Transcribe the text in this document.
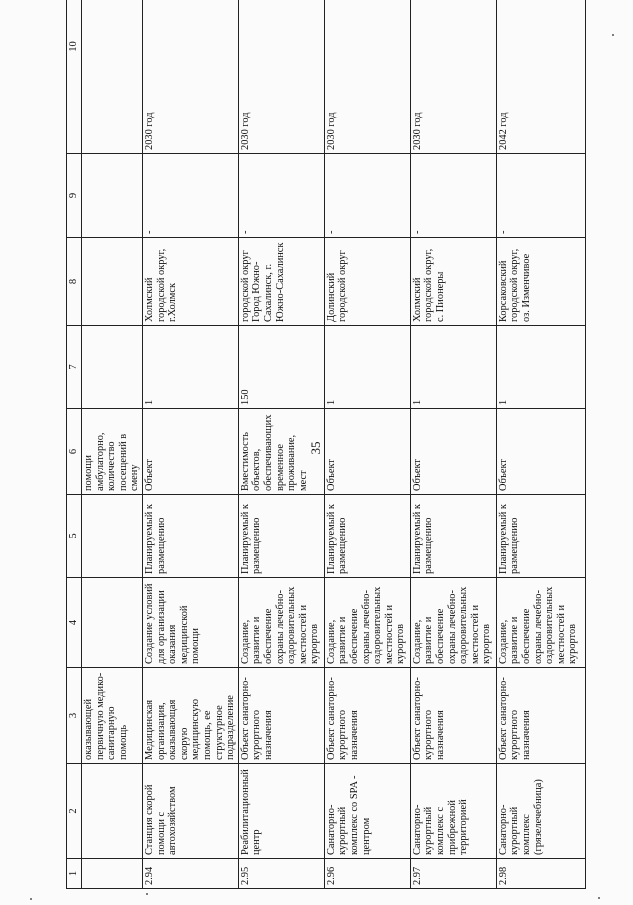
35
1	2	3	4	5	6	7	8	9	10
		оказывающей первичную медико-санитарную помощь			помощи амбулаторно, количество посещений в смену				
2.94	Станция скорой помощи с автохозяйством	Медицинская организация, оказывающая скорую медицинскую помощь, ее структурное подразделение	Создание условий для организации оказания медицинской помощи	Планируемый к размещению	Объект	1	Холмский городской округ, г.Холмск	-	2030 год
2.95	Реабилитационный центр	Объект санаторно-курортного назначения	Создание, развитие и обеспечение охраны лечебно-оздоровительных местностей и курортов	Планируемый к размещению	Вместимость объектов, обеспечивающих временное проживание, мест	150	городской округ Город Южно-Сахалинск, г. Южно-Сахалинск	-	2030 год
2.96	Санаторно-курортный комплекс со SPA - центром	Объект санаторно-курортного назначения	Создание, развитие и обеспечение охраны лечебно-оздоровительных местностей и курортов	Планируемый к размещению	Объект	1	Долинский городской округ	-	2030 год
2.97	Санаторно-курортный комплекс с прибрежной территорией	Объект санаторно-курортного назначения	Создание, развитие и обеспечение охраны лечебно-оздоровительных местностей и курортов	Планируемый к размещению	Объект	1	Холмский городской округ, с. Пионеры	-	2030 год
2.98	Санаторно-курортный комплекс (грязелечебница)	Объект санаторно-курортного назначения	Создание, развитие и обеспечение охраны лечебно-оздоровительных местностей и курортов	Планируемый к размещению	Объект	1	Корсаковский городской округ, оз. Изменчивое	-	2042 год
